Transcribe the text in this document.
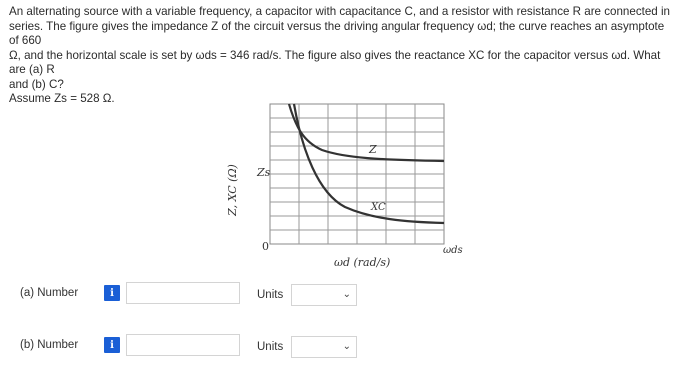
An alternating source with a variable frequency, a capacitor with capacitance C, and a resistor with resistance R are connected in

series. The figure gives the impedance Z of the circuit versus the driving angular frequency ωd; the curve reaches an asymptote of 660

Ω, and the horizontal scale is set by ωds = 346 rad/s. The figure also gives the reactance XC for the capacitor versus ωd. What are (a) R

and (b) C?

Assume Zs = 528 Ω.

Z, XC (Ω) Zs
Z
XC
0
ωd (rad/s)
ωds
(a) Number	i	Units	⌄
(b) Number	i	Units	⌄
